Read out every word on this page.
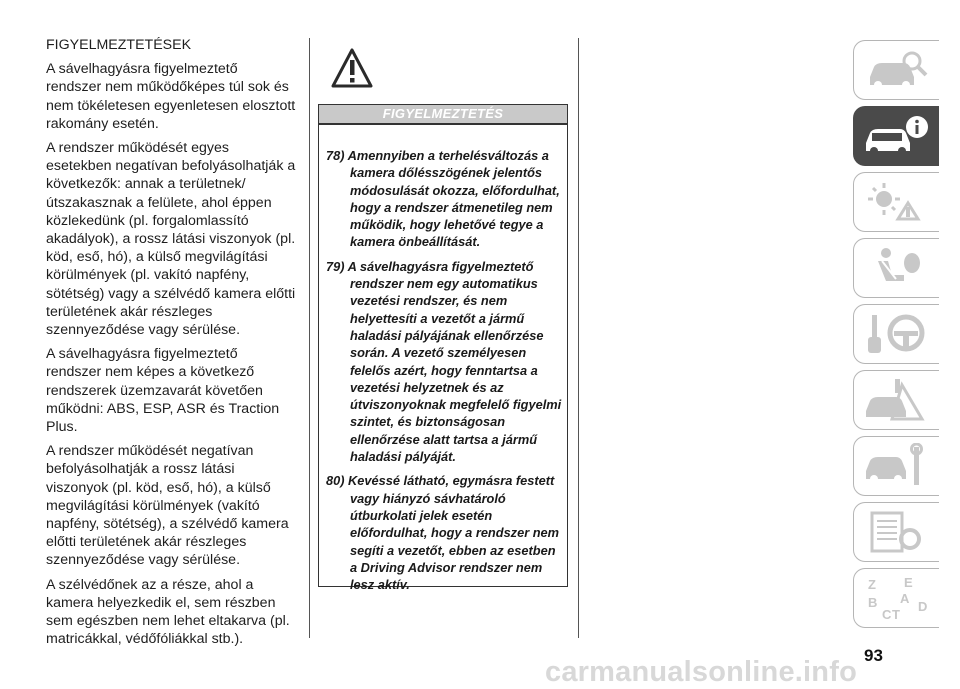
FIGYELMEZTETÉSEK

A sávelhagyásra figyelmeztető rendszer nem működőképes túl sok és nem tökéletesen egyenletesen elosztott rakomány esetén.

A rendszer működését egyes esetekben negatívan befolyásolhatják a következők: annak a területnek/ útszakasznak a felülete, ahol éppen közlekedünk (pl. forgalomlassító akadályok), a rossz látási viszonyok (pl. köd, eső, hó), a külső megvilágítási körülmények (pl. vakító napfény, sötétség) vagy a szélvédő kamera előtti területének akár részleges szennyeződése vagy sérülése.

A sávelhagyásra figyelmeztető rendszer nem képes a következő rendszerek üzemzavarát követően működni: ABS, ESP, ASR és Traction Plus.

A rendszer működését negatívan befolyásolhatják a rossz látási viszonyok (pl. köd, eső, hó), a külső megvilágítási körülmények (vakító napfény, sötétség), a szélvédő kamera előtti területének akár részleges szennyeződése vagy sérülése.

A szélvédőnek az a része, ahol a kamera helyezkedik el, sem részben sem egészben nem lehet eltakarva (pl. matricákkal, védőfóliákkal stb.).

FIGYELMEZTETÉS
78) Amennyiben a terhelésváltozás a kamera dőlésszögének jelentős módosulását okozza, előfordulhat, hogy a rendszer átmenetileg nem működik, hogy lehetővé tegye a kamera önbeállítását.
79) A sávelhagyásra figyelmeztető rendszer nem egy automatikus vezetési rendszer, és nem helyettesíti a vezetőt a jármű haladási pályájának ellenőrzése során. A vezető személyesen felelős azért, hogy fenntartsa a vezetési helyzetnek és az útviszonyoknak megfelelő figyelmi szintet, és biztonságosan ellenőrzése alatt tartsa a jármű haladási pályáját.
80) Kevéssé látható, egymásra festett vagy hiányzó sávhatároló útburkolati jelek esetén előfordulhat, hogy a rendszer nem segíti a vezetőt, ebben az esetben a Driving Advisor rendszer nem lesz aktív.	Z E
A
B
C T
D
93
carmanualsonline.info
